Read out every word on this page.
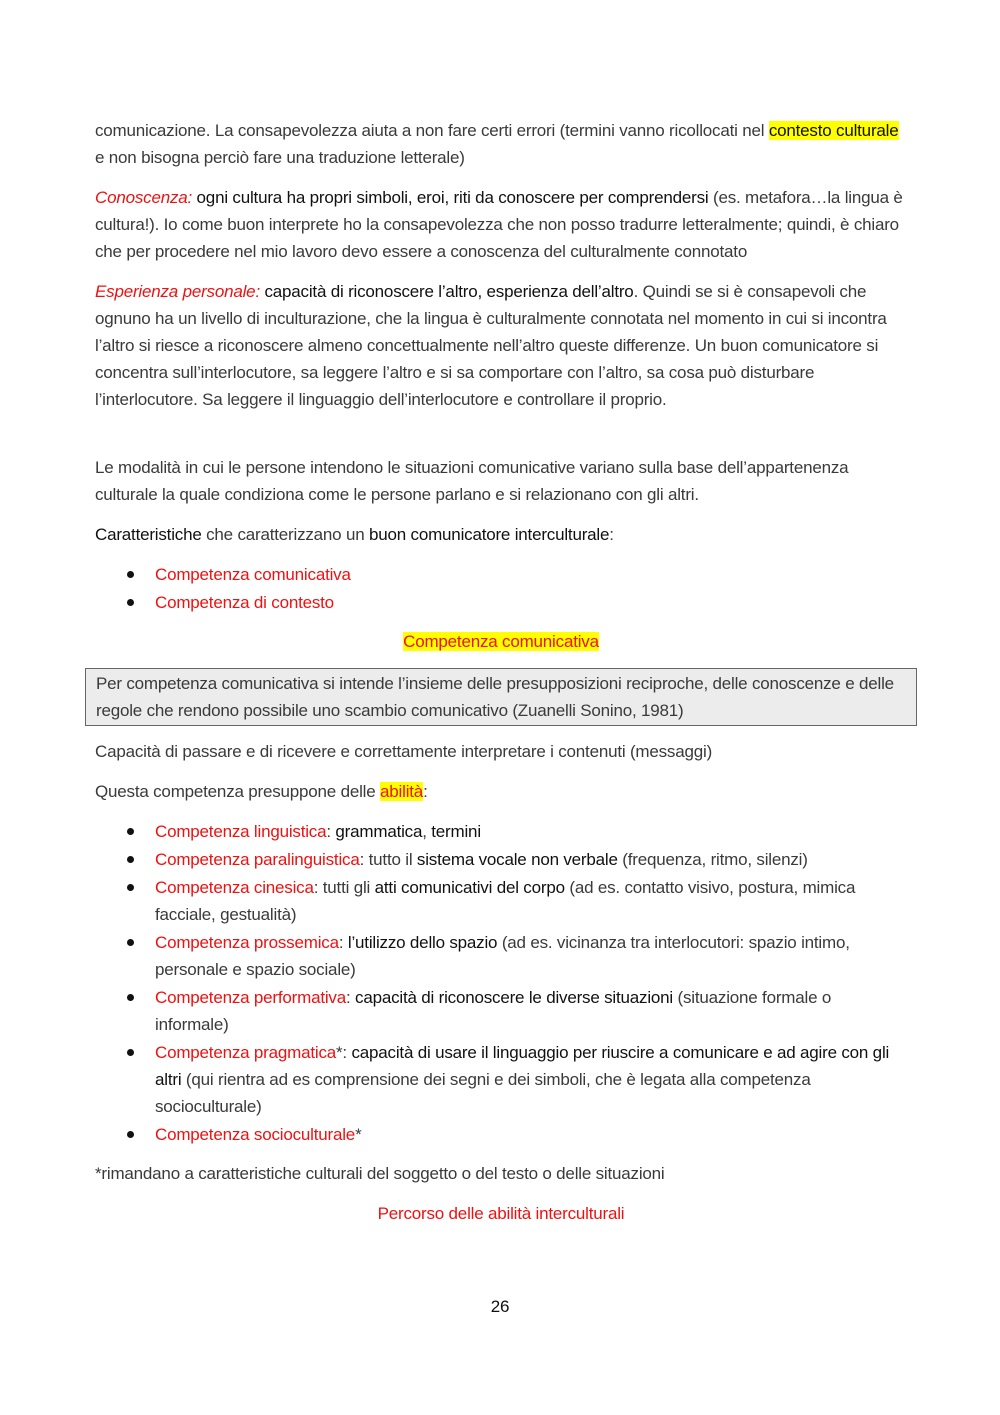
comunicazione. La consapevolezza aiuta a non fare certi errori (termini vanno ricollocati nel contesto culturale e non bisogna perciò fare una traduzione letterale)

Conoscenza: ogni cultura ha propri simboli, eroi, riti da conoscere per comprendersi (es. metafora…la lingua è cultura!). Io come buon interprete ho la consapevolezza che non posso tradurre letteralmente; quindi, è chiaro che per procedere nel mio lavoro devo essere a conoscenza del culturalmente connotato

Esperienza personale: capacità di riconoscere l’altro, esperienza dell’altro. Quindi se si è consapevoli che ognuno ha un livello di inculturazione, che la lingua è culturalmente connotata nel momento in cui si incontra l’altro si riesce a riconoscere almeno concettualmente nell’altro queste differenze. Un buon comunicatore si concentra sull’interlocutore, sa leggere l’altro e si sa comportare con l’altro, sa cosa può disturbare l’interlocutore. Sa leggere il linguaggio dell’interlocutore e controllare il proprio.

Le modalità in cui le persone intendono le situazioni comunicative variano sulla base dell’appartenenza culturale la quale condiziona come le persone parlano e si relazionano con gli altri.

Caratteristiche che caratterizzano un buon comunicatore interculturale:

Competenza comunicativa
Competenza di contesto

Competenza comunicativa

Per competenza comunicativa si intende l’insieme delle presupposizioni reciproche, delle conoscenze e delle regole che rendono possibile uno scambio comunicativo (Zuanelli Sonino, 1981)

Capacità di passare e di ricevere e correttamente interpretare i contenuti (messaggi)

Questa competenza presuppone delle abilità:

Competenza linguistica: grammatica, termini
Competenza paralinguistica: tutto il sistema vocale non verbale (frequenza, ritmo, silenzi)
Competenza cinesica: tutti gli atti comunicativi del corpo (ad es. contatto visivo, postura, mimica facciale, gestualità)
Competenza prossemica: l’utilizzo dello spazio (ad es. vicinanza tra interlocutori: spazio intimo, personale e spazio sociale)
Competenza performativa: capacità di riconoscere le diverse situazioni (situazione formale o informale)
Competenza pragmatica*: capacità di usare il linguaggio per riuscire a comunicare e ad agire con gli altri (qui rientra ad es comprensione dei segni e dei simboli, che è legata alla competenza socioculturale)
Competenza socioculturale*

*rimandano a caratteristiche culturali del soggetto o del testo o delle situazioni

Percorso delle abilità interculturali

26
